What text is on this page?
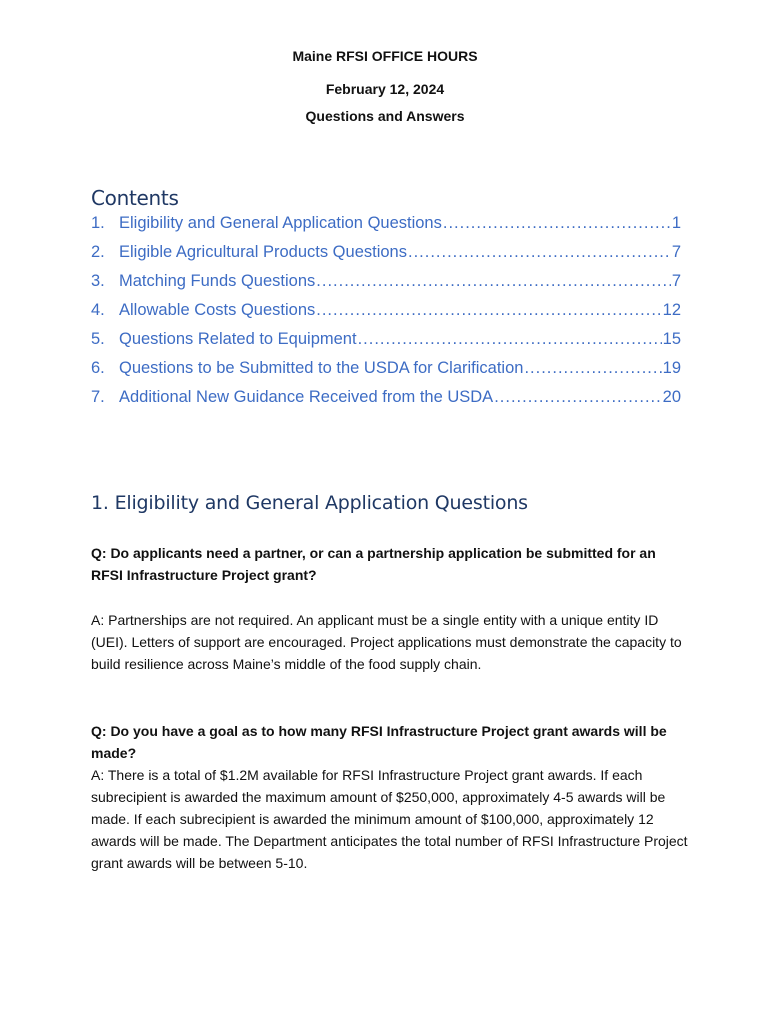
Maine RFSI OFFICE HOURS
February 12, 2024
Questions and Answers
Contents
1. Eligibility and General Application Questions .....	1
2. Eligible Agricultural Products Questions .....	7
3. Matching Funds Questions .....	7
4. Allowable Costs Questions .....	12
5. Questions Related to Equipment .....	15
6. Questions to be Submitted to the USDA for Clarification .....	19
7. Additional New Guidance Received from the USDA .....	20
1. Eligibility and General Application Questions

Q: Do applicants need a partner, or can a partnership application be submitted for an RFSI Infrastructure Project grant?

A: Partnerships are not required. An applicant must be a single entity with a unique entity ID (UEI). Letters of support are encouraged. Project applications must demonstrate the capacity to build resilience across Maine’s middle of the food supply chain.

Q: Do you have a goal as to how many RFSI Infrastructure Project grant awards will be made?

A: There is a total of $1.2M available for RFSI Infrastructure Project grant awards. If each subrecipient is awarded the maximum amount of $250,000, approximately 4-5 awards will be made. If each subrecipient is awarded the minimum amount of $100,000, approximately 12 awards will be made. The Department anticipates the total number of RFSI Infrastructure Project grant awards will be between 5-10.
